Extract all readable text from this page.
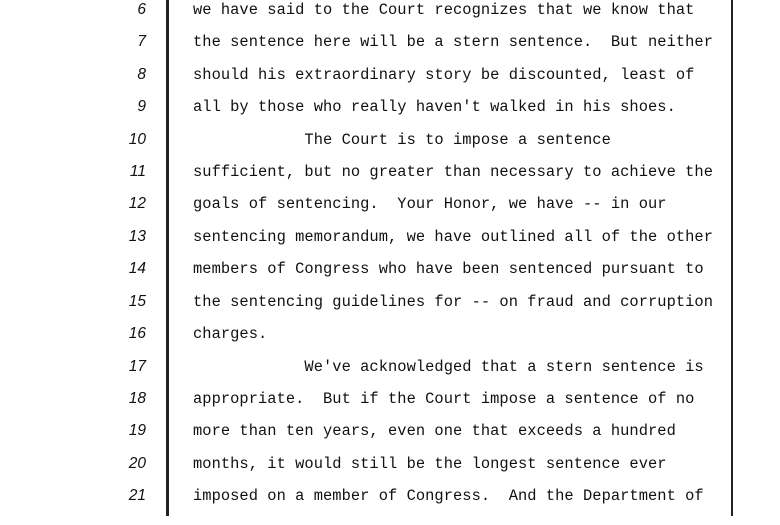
6	we have said to the Court recognizes that we know that
7	the sentence here will be a stern sentence.  But neither
8	should his extraordinary story be discounted, least of
9	all by those who really haven't walked in his shoes.
10	The Court is to impose a sentence
11	sufficient, but no greater than necessary to achieve the
12	goals of sentencing.  Your Honor, we have -- in our
13	sentencing memorandum, we have outlined all of the other
14	members of Congress who have been sentenced pursuant to
15	the sentencing guidelines for -- on fraud and corruption
16	charges.
17	We've acknowledged that a stern sentence is
18	appropriate.  But if the Court impose a sentence of no
19	more than ten years, even one that exceeds a hundred
20	months, it would still be the longest sentence ever
21	imposed on a member of Congress.  And the Department of
